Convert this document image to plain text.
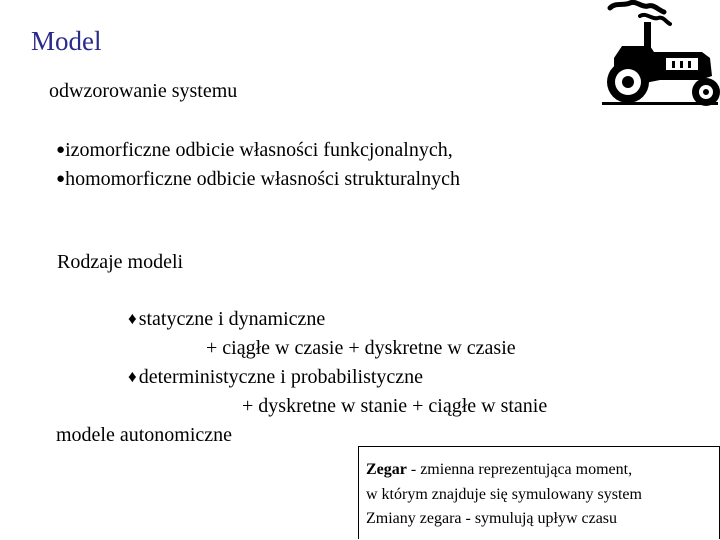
Model
odwzorowanie systemu
●izomorficzne odbicie własności funkcjonalnych,
●homomorficzne odbicie własności strukturalnych
Rodzaje modeli
♦ statyczne i dynamiczne
+ ciągłe w czasie + dyskretne w czasie
♦ deterministyczne i probabilistyczne
+ dyskretne w stanie + ciągłe w stanie
modele autonomiczne
Zegar - zmienna reprezentująca moment,
w którym znajduje się symulowany system
Zmiany zegara - symulują upływ czasu
